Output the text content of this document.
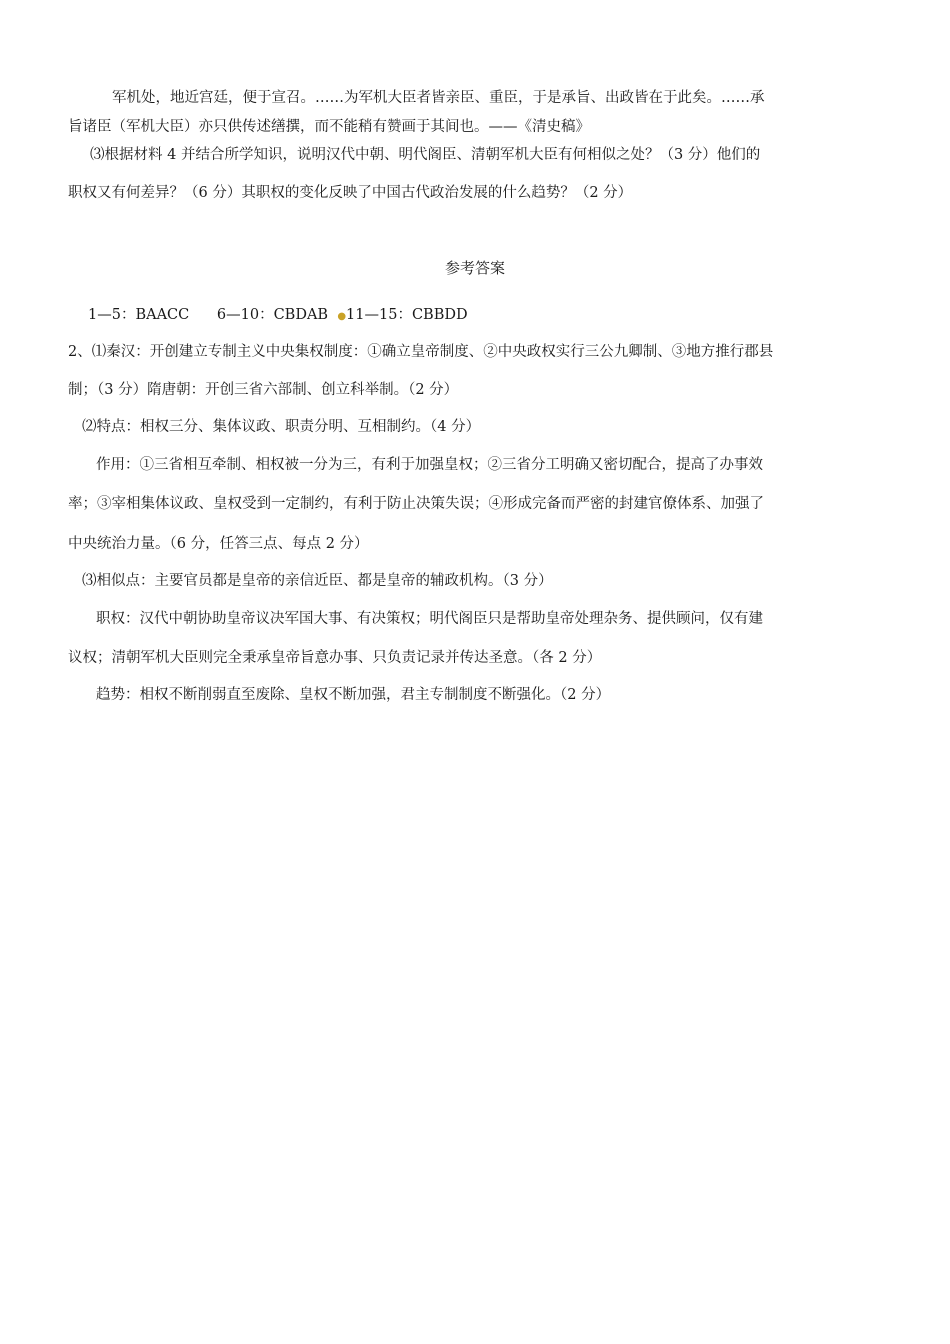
军机处，地近宫廷，便于宣召。……为军机大臣者皆亲臣、重臣，于是承旨、出政皆在于此矣。……承
旨诸臣（军机大臣）亦只供传述缮撰，而不能稍有赞画于其间也。——《清史稿》
⑶根据材料 4 并结合所学知识，说明汉代中朝、明代阁臣、清朝军机大臣有何相似之处？（3 分）他们的
职权又有何差异？（6 分）其职权的变化反映了中国古代政治发展的什么趋势？（2 分）
参考答案
1—5：BAACC 6—10：CBDAB ●11—15：CBBDD
2、⑴秦汉：开创建立专制主义中央集权制度：①确立皇帝制度、②中央政权实行三公九卿制、③地方推行郡县
制；（3 分）隋唐朝：开创三省六部制、创立科举制。（2 分）
⑵特点：相权三分、集体议政、职责分明、互相制约。（4 分）
作用：①三省相互牵制、相权被一分为三，有利于加强皇权；②三省分工明确又密切配合，提高了办事效
率；③宰相集体议政、皇权受到一定制约，有利于防止决策失误；④形成完备而严密的封建官僚体系、加强了
中央统治力量。（6 分，任答三点、每点 2 分）
⑶相似点：主要官员都是皇帝的亲信近臣、都是皇帝的辅政机构。（3 分）
职权：汉代中朝协助皇帝议决军国大事、有决策权；明代阁臣只是帮助皇帝处理杂务、提供顾问，仅有建
议权；清朝军机大臣则完全秉承皇帝旨意办事、只负责记录并传达圣意。（各 2 分）
趋势：相权不断削弱直至废除、皇权不断加强，君主专制制度不断强化。（2 分）
